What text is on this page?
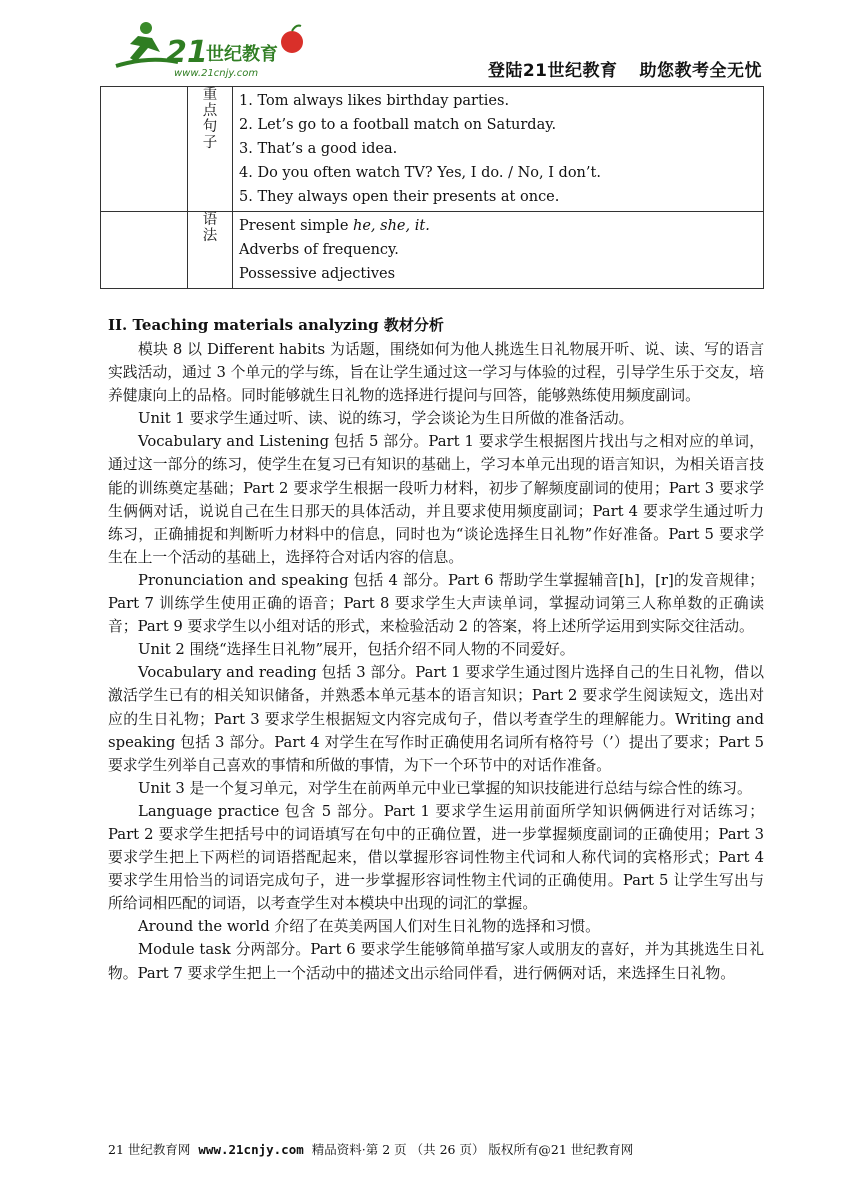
21
世纪教育
www.21cnjy.com	登陆21世纪教育 助您教考全无忧
	重点句子	1. Tom always likes birthday parties.
2. Let’s go to a football match on Saturday.
3. That’s a good idea.
4. Do you often watch TV? Yes, I do. / No, I don’t.
5. They always open their presents at once.

	语法	Present simple he, she, it.
Adverbs of frequency.
Possessive adjectives
II. Teaching materials analyzing 教材分析

模块 8 以 Different habits 为话题，围绕如何为他人挑选生日礼物展开听、说、读、写的语言实践活动，通过 3 个单元的学与练，旨在让学生通过这一学习与体验的过程，引导学生乐于交友，培养健康向上的品格。同时能够就生日礼物的选择进行提问与回答，能够熟练使用频度副词。

Unit 1 要求学生通过听、读、说的练习，学会谈论为生日所做的准备活动。

Vocabulary and Listening 包括 5 部分。Part 1 要求学生根据图片找出与之相对应的单词，通过这一部分的练习，使学生在复习已有知识的基础上，学习本单元出现的语言知识，为相关语言技能的训练奠定基础；Part 2 要求学生根据一段听力材料，初步了解频度副词的使用；Part 3 要求学生俩俩对话，说说自己在生日那天的具体活动，并且要求使用频度副词；Part 4 要求学生通过听力练习，正确捕捉和判断听力材料中的信息，同时也为“谈论选择生日礼物”作好准备。Part 5 要求学生在上一个活动的基础上，选择符合对话内容的信息。

Pronunciation and speaking 包括 4 部分。Part 6 帮助学生掌握辅音[h]，[r]的发音规律；Part 7 训练学生使用正确的语音；Part 8 要求学生大声读单词，掌握动词第三人称单数的正确读音；Part 9 要求学生以小组对话的形式，来检验活动 2 的答案，将上述所学运用到实际交往活动。

Unit 2 围绕“选择生日礼物”展开，包括介绍不同人物的不同爱好。

Vocabulary and reading 包括 3 部分。Part 1 要求学生通过图片选择自己的生日礼物，借以激活学生已有的相关知识储备，并熟悉本单元基本的语言知识；Part 2 要求学生阅读短文，选出对应的生日礼物；Part 3 要求学生根据短文内容完成句子，借以考查学生的理解能力。Writing and speaking 包括 3 部分。Part 4 对学生在写作时正确使用名词所有格符号（’）提出了要求；Part 5 要求学生列举自己喜欢的事情和所做的事情，为下一个环节中的对话作准备。

Unit 3 是一个复习单元，对学生在前两单元中业已掌握的知识技能进行总结与综合性的练习。

Language practice 包含 5 部分。Part 1 要求学生运用前面所学知识俩俩进行对话练习；Part 2 要求学生把括号中的词语填写在句中的正确位置，进一步掌握频度副词的正确使用；Part 3 要求学生把上下两栏的词语搭配起来，借以掌握形容词性物主代词和人称代词的宾格形式；Part 4 要求学生用恰当的词语完成句子，进一步掌握形容词性物主代词的正确使用。Part 5 让学生写出与所给词相匹配的词语，以考查学生对本模块中出现的词汇的掌握。

Around the world 介绍了在英美两国人们对生日礼物的选择和习惯。

Module task 分两部分。Part 6 要求学生能够简单描写家人或朋友的喜好，并为其挑选生日礼物。Part 7 要求学生把上一个活动中的描述文出示给同伴看，进行俩俩对话，来选择生日礼物。

21 世纪教育网 www.21cnjy.com 精品资料·第 2 页 （共 26 页） 版权所有@21 世纪教育网
